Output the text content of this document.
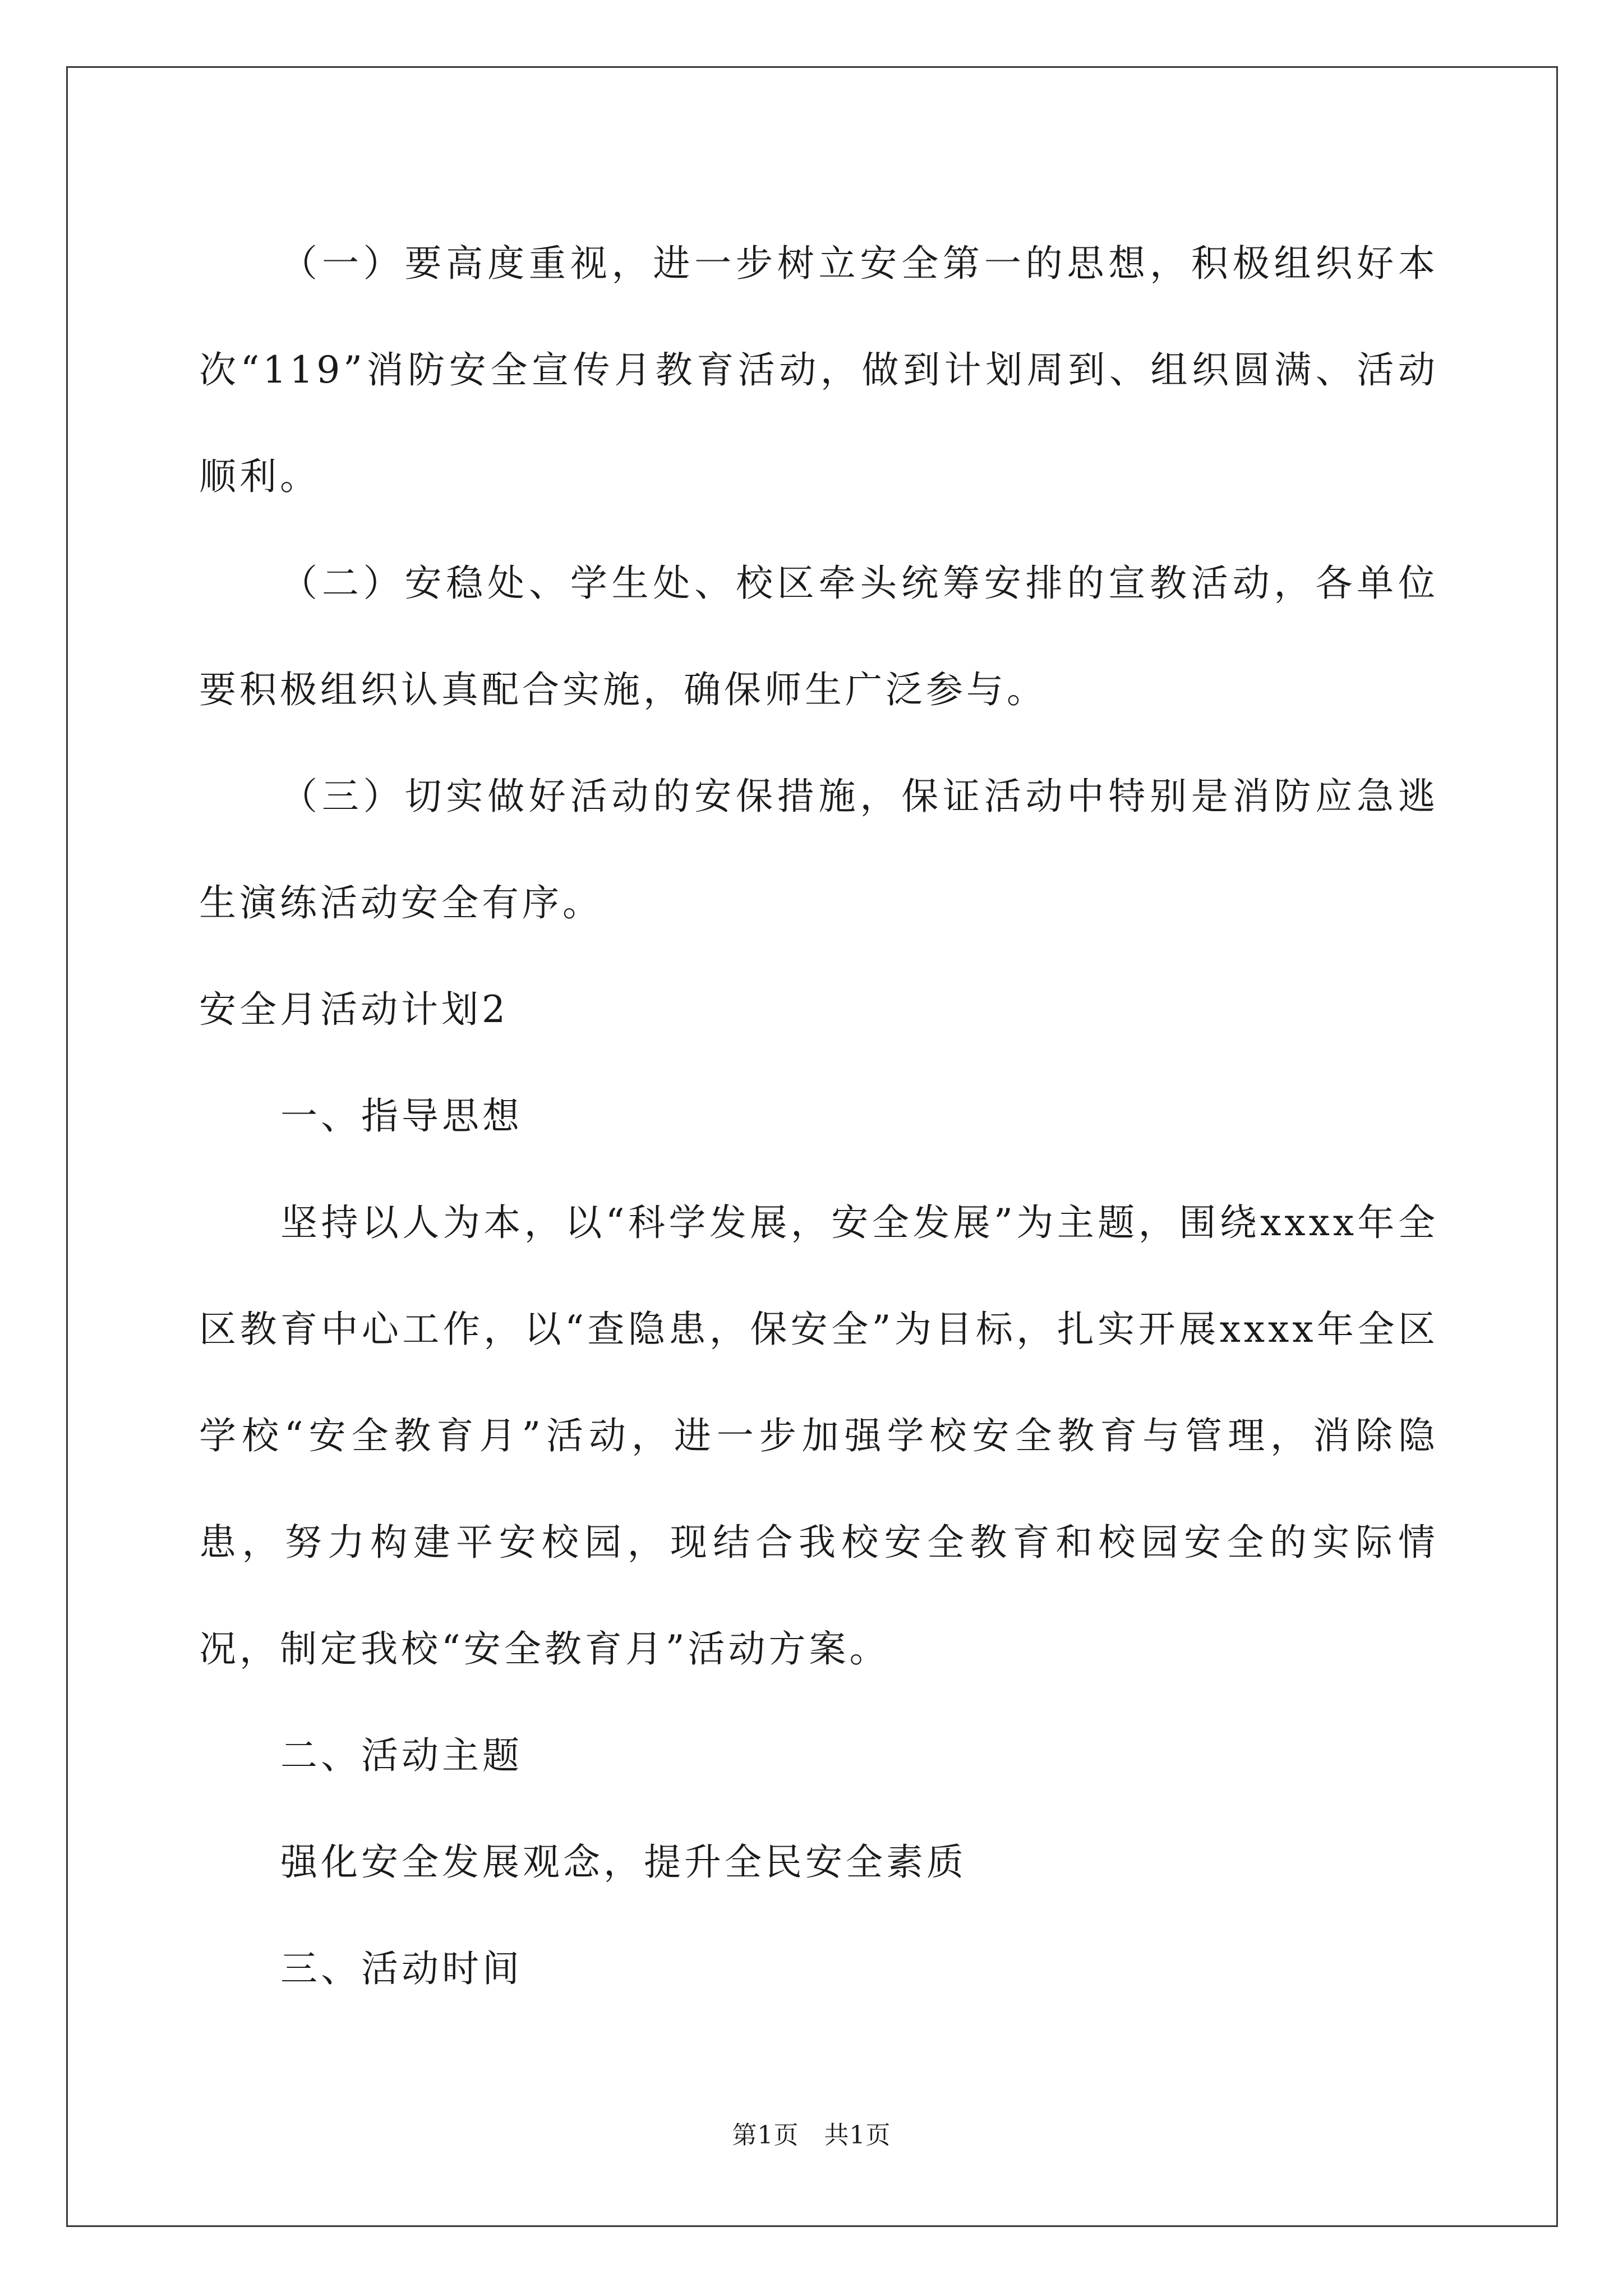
（一）要高度重视，进一步树立安全第一的思想，积极组织好本次“119”消防安全宣传月教育活动，做到计划周到、组织圆满、活动顺利。

（二）安稳处、学生处、校区牵头统筹安排的宣教活动，各单位要积极组织认真配合实施，确保师生广泛参与。

（三）切实做好活动的安保措施，保证活动中特别是消防应急逃生演练活动安全有序。

安全月活动计划2

一、指导思想

坚持以人为本，以“科学发展，安全发展”为主题，围绕xxxx年全区教育中心工作，以“查隐患，保安全”为目标，扎实开展xxxx年全区学校“安全教育月”活动，进一步加强学校安全教育与管理，消除隐患，努力构建平安校园，现结合我校安全教育和校园安全的实际情况，制定我校“安全教育月”活动方案。

二、活动主题

强化安全发展观念，提升全民安全素质

三、活动时间

第1页　共1页
